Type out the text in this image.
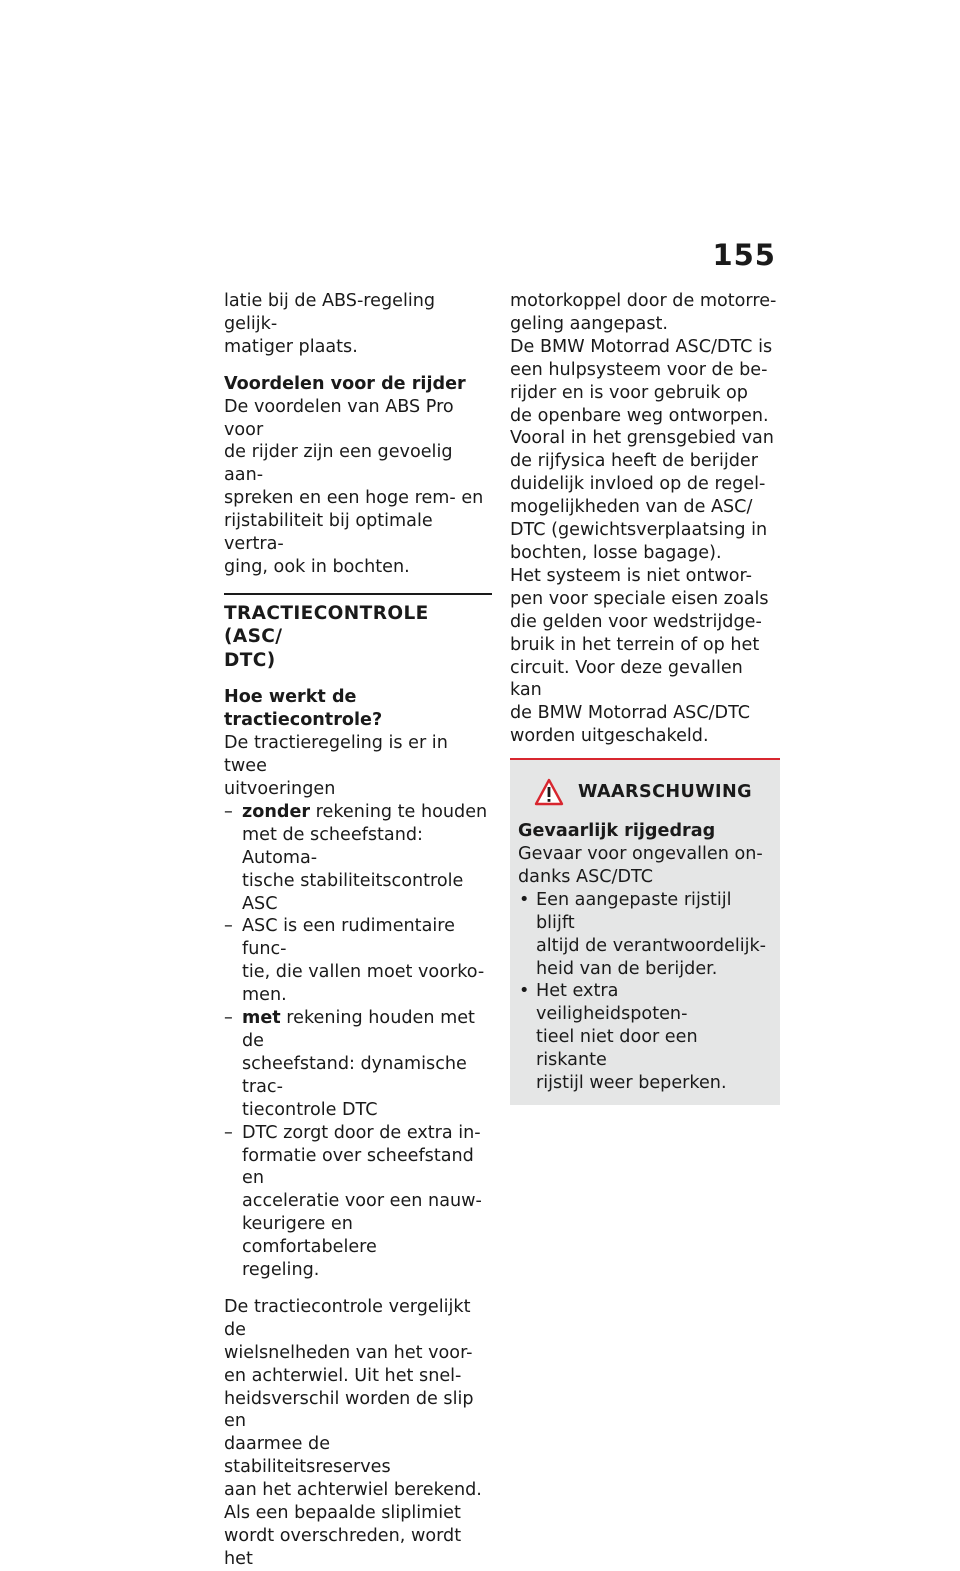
155

latie bij de ABS-regeling gelijk-
matiger plaats.

Voordelen voor de rijder
De voordelen van ABS Pro voor
de rijder zijn een gevoelig aan-
spreken en een hoge rem- en
rijstabiliteit bij optimale vertra-
ging, ook in bochten.

TRACTIECONTROLE (ASC/
DTC)

Hoe werkt de tractiecontrole?
De tractieregeling is er in twee
uitvoeringen

– zonder rekening te houden
met de scheefstand: Automa-
tische stabiliteitscontrole ASC
– ASC is een rudimentaire func-
tie, die vallen moet voorko-
men.
– met rekening houden met de
scheefstand: dynamische trac-
tiecontrole DTC
– DTC zorgt door de extra in-
formatie over scheefstand en
acceleratie voor een nauw-
keurigere en comfortabelere
regeling.

De tractiecontrole vergelijkt de
wielsnelheden van het voor-
en achterwiel. Uit het snel-
heidsverschil worden de slip en
daarmee de stabiliteitsreserves
aan het achterwiel berekend.
Als een bepaalde sliplimiet
wordt overschreden, wordt het

motorkoppel door de motorre-
geling aangepast.
De BMW Motorrad ASC/DTC is
een hulpsysteem voor de be-
rijder en is voor gebruik op
de openbare weg ontworpen.
Vooral in het grensgebied van
de rijfysica heeft de berijder
duidelijk invloed op de regel-
mogelijkheden van de ASC/
DTC (gewichtsverplaatsing in
bochten, losse bagage).
Het systeem is niet ontwor-
pen voor speciale eisen zoals
die gelden voor wedstrijdge-
bruik in het terrein of op het
circuit. Voor deze gevallen kan
de BMW Motorrad ASC/DTC
worden uitgeschakeld.

WAARSCHUWING

Gevaarlijk rijgedrag
Gevaar voor ongevallen on-
danks ASC/DTC

• Een aangepaste rijstijl blijft
altijd de verantwoordelijk-
heid van de berijder.
• Het extra veiligheidspoten-
tieel niet door een riskante
rijstijl weer beperken.
